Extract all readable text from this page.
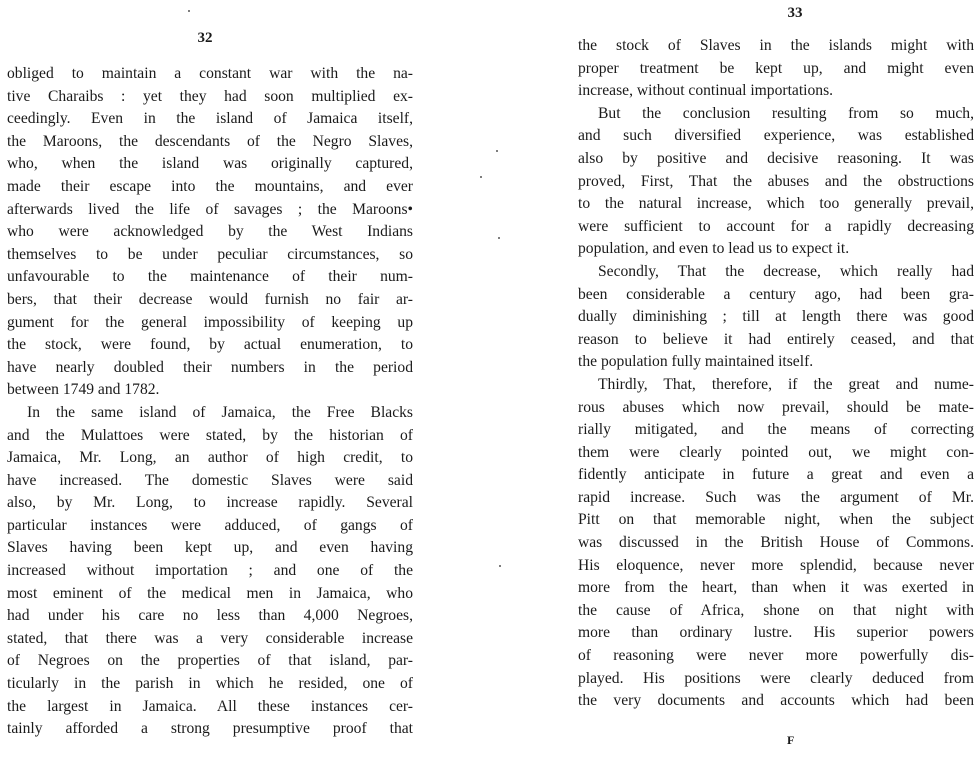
32
obliged to maintain a constant war with the na-
tive Charaibs : yet they had soon multiplied ex-
ceedingly. Even in the island of Jamaica itself,
the Maroons, the descendants of the Negro Slaves,
who, when the island was originally captured,
made their escape into the mountains, and ever
afterwards lived the life of savages ; the Maroons•
who were acknowledged by the West Indians
themselves to be under peculiar circumstances, so
unfavourable to the maintenance of their num-
bers, that their decrease would furnish no fair ar-
gument for the general impossibility of keeping up
the stock, were found, by actual enumeration, to
have nearly doubled their numbers in the period
between 1749 and 1782.
In the same island of Jamaica, the Free Blacks
and the Mulattoes were stated, by the historian of
Jamaica, Mr. Long, an author of high credit, to
have increased. The domestic Slaves were said
also, by Mr. Long, to increase rapidly. Several
particular instances were adduced, of gangs of
Slaves having been kept up, and even having
increased without importation ; and one of the
most eminent of the medical men in Jamaica, who
had under his care no less than 4,000 Negroes,
stated, that there was a very considerable increase
of Negroes on the properties of that island, par-
ticularly in the parish in which he resided, one of
the largest in Jamaica. All these instances cer-
tainly afforded a strong presumptive proof that
33
the stock of Slaves in the islands might with
proper treatment be kept up, and might even
increase, without continual importations.
But the conclusion resulting from so much,
and such diversified experience, was established
also by positive and decisive reasoning. It was
proved, First, That the abuses and the obstructions
to the natural increase, which too generally prevail,
were sufficient to account for a rapidly decreasing
population, and even to lead us to expect it.
Secondly, That the decrease, which really had
been considerable a century ago, had been gra-
dually diminishing ; till at length there was good
reason to believe it had entirely ceased, and that
the population fully maintained itself.
Thirdly, That, therefore, if the great and nume-
rous abuses which now prevail, should be mate-
rially mitigated, and the means of correcting
them were clearly pointed out, we might con-
fidently anticipate in future a great and even a
rapid increase. Such was the argument of Mr.
Pitt on that memorable night, when the subject
was discussed in the British House of Commons.
His eloquence, never more splendid, because never
more from the heart, than when it was exerted in
the cause of Africa, shone on that night with
more than ordinary lustre. His superior powers
of reasoning were never more powerfully dis-
played. His positions were clearly deduced from
the very documents and accounts which had been
F
